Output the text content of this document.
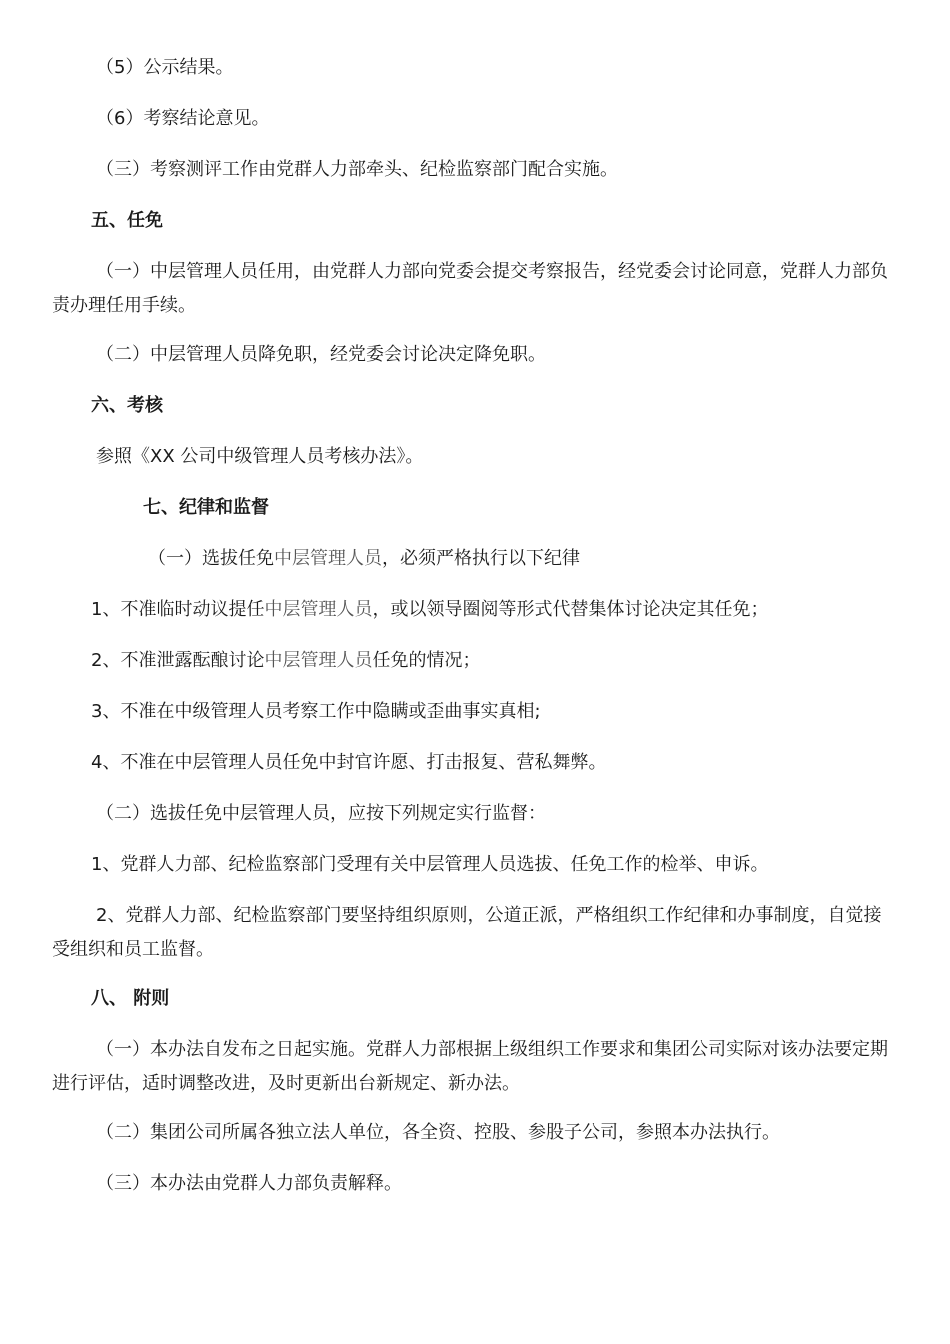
（5）公示结果。
（6）考察结论意见。
（三）考察测评工作由党群人力部牵头、纪检监察部门配合实施。
五、任免
（一）中层管理人员任用，由党群人力部向党委会提交考察报告，经党委会讨论同意，党群人力部负责办理任用手续。
（二）中层管理人员降免职，经党委会讨论决定降免职。
六、考核
参照《XX 公司中级管理人员考核办法》。
七、纪律和监督
（一）选拔任免中层管理人员，必须严格执行以下纪律
1、不准临时动议提任中层管理人员，或以领导圈阅等形式代替集体讨论决定其任免；
2、不准泄露酝酿讨论中层管理人员任免的情况；
3、不准在中级管理人员考察工作中隐瞒或歪曲事实真相;
4、不准在中层管理人员任免中封官许愿、打击报复、营私舞弊。
（二）选拔任免中层管理人员，应按下列规定实行监督：
1、党群人力部、纪检监察部门受理有关中层管理人员选拔、任免工作的检举、申诉。
2、党群人力部、纪检监察部门要坚持组织原则，公道正派，严格组织工作纪律和办事制度，自觉接受组织和员工监督。
八、 附则
（一）本办法自发布之日起实施。党群人力部根据上级组织工作要求和集团公司实际对该办法要定期进行评估，适时调整改进，及时更新出台新规定、新办法。
（二）集团公司所属各独立法人单位，各全资、控股、参股子公司，参照本办法执行。
（三）本办法由党群人力部负责解释。
